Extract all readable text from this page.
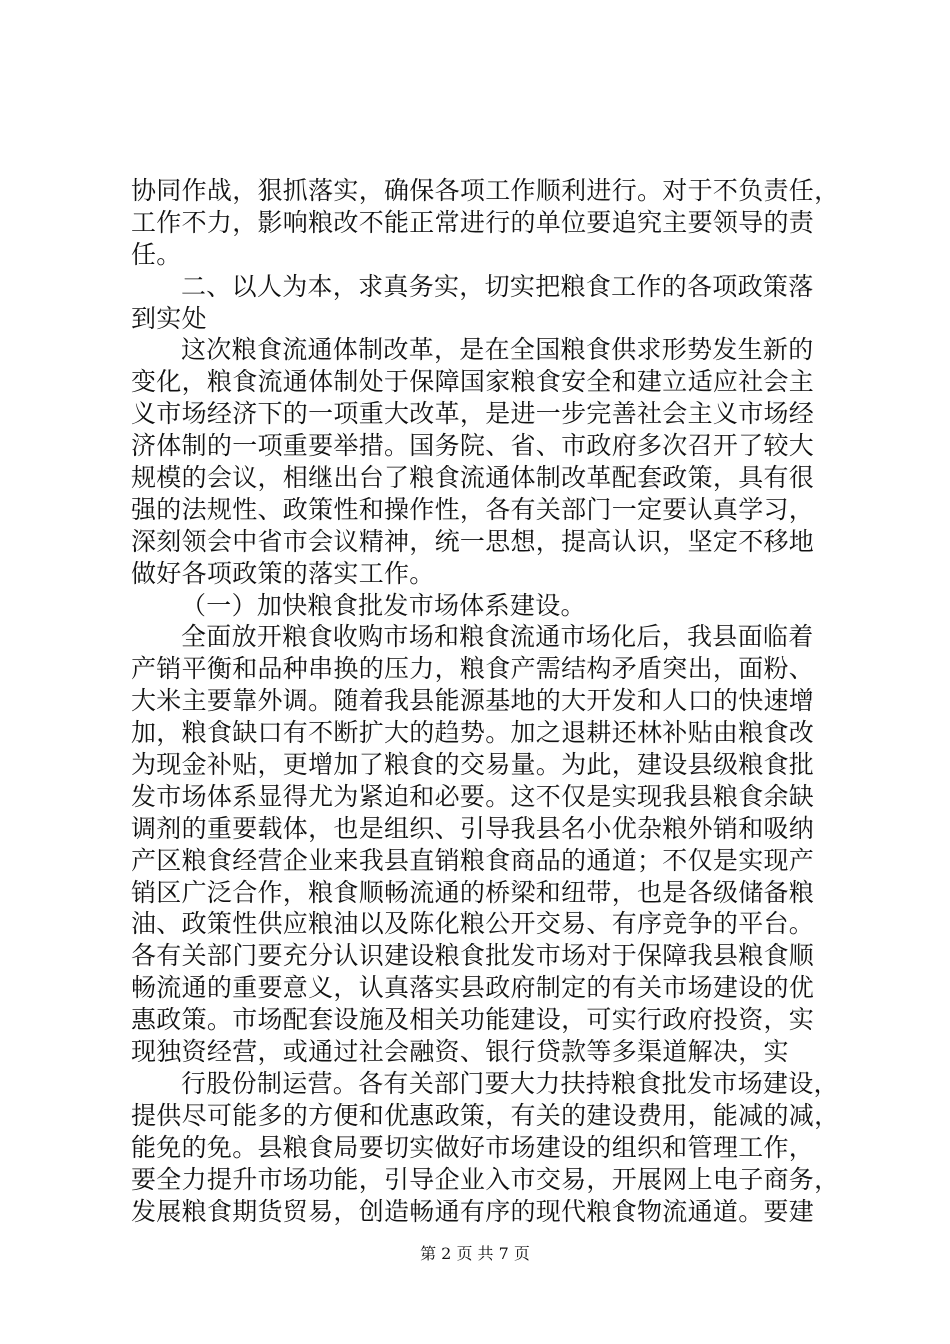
协同作战，狠抓落实，确保各项工作顺利进行。对于不负责任，
工作不力，影响粮改不能正常进行的单位要追究主要领导的责
任。
二、以人为本，求真务实，切实把粮食工作的各项政策落
到实处
这次粮食流通体制改革，是在全国粮食供求形势发生新的
变化，粮食流通体制处于保障国家粮食安全和建立适应社会主
义市场经济下的一项重大改革，是进一步完善社会主义市场经
济体制的一项重要举措。国务院、省、市政府多次召开了较大
规模的会议，相继出台了粮食流通体制改革配套政策，具有很
强的法规性、政策性和操作性，各有关部门一定要认真学习，
深刻领会中省市会议精神，统一思想，提高认识，坚定不移地
做好各项政策的落实工作。
（一）加快粮食批发市场体系建设。
全面放开粮食收购市场和粮食流通市场化后，我县面临着
产销平衡和品种串换的压力，粮食产需结构矛盾突出，面粉、
大米主要靠外调。随着我县能源基地的大开发和人口的快速增
加，粮食缺口有不断扩大的趋势。加之退耕还林补贴由粮食改
为现金补贴，更增加了粮食的交易量。为此，建设县级粮食批
发市场体系显得尤为紧迫和必要。这不仅是实现我县粮食余缺
调剂的重要载体，也是组织、引导我县名小优杂粮外销和吸纳
产区粮食经营企业来我县直销粮食商品的通道；不仅是实现产
销区广泛合作，粮食顺畅流通的桥梁和纽带，也是各级储备粮
油、政策性供应粮油以及陈化粮公开交易、有序竞争的平台。
各有关部门要充分认识建设粮食批发市场对于保障我县粮食顺
畅流通的重要意义，认真落实县政府制定的有关市场建设的优
惠政策。市场配套设施及相关功能建设，可实行政府投资，实
现独资经营，或通过社会融资、银行贷款等多渠道解决，实
行股份制运营。各有关部门要大力扶持粮食批发市场建设，
提供尽可能多的方便和优惠政策，有关的建设费用，能减的减，
能免的免。县粮食局要切实做好市场建设的组织和管理工作，
要全力提升市场功能，引导企业入市交易，开展网上电子商务，
发展粮食期货贸易，创造畅通有序的现代粮食物流通道。要建
第 2 页 共 7 页
